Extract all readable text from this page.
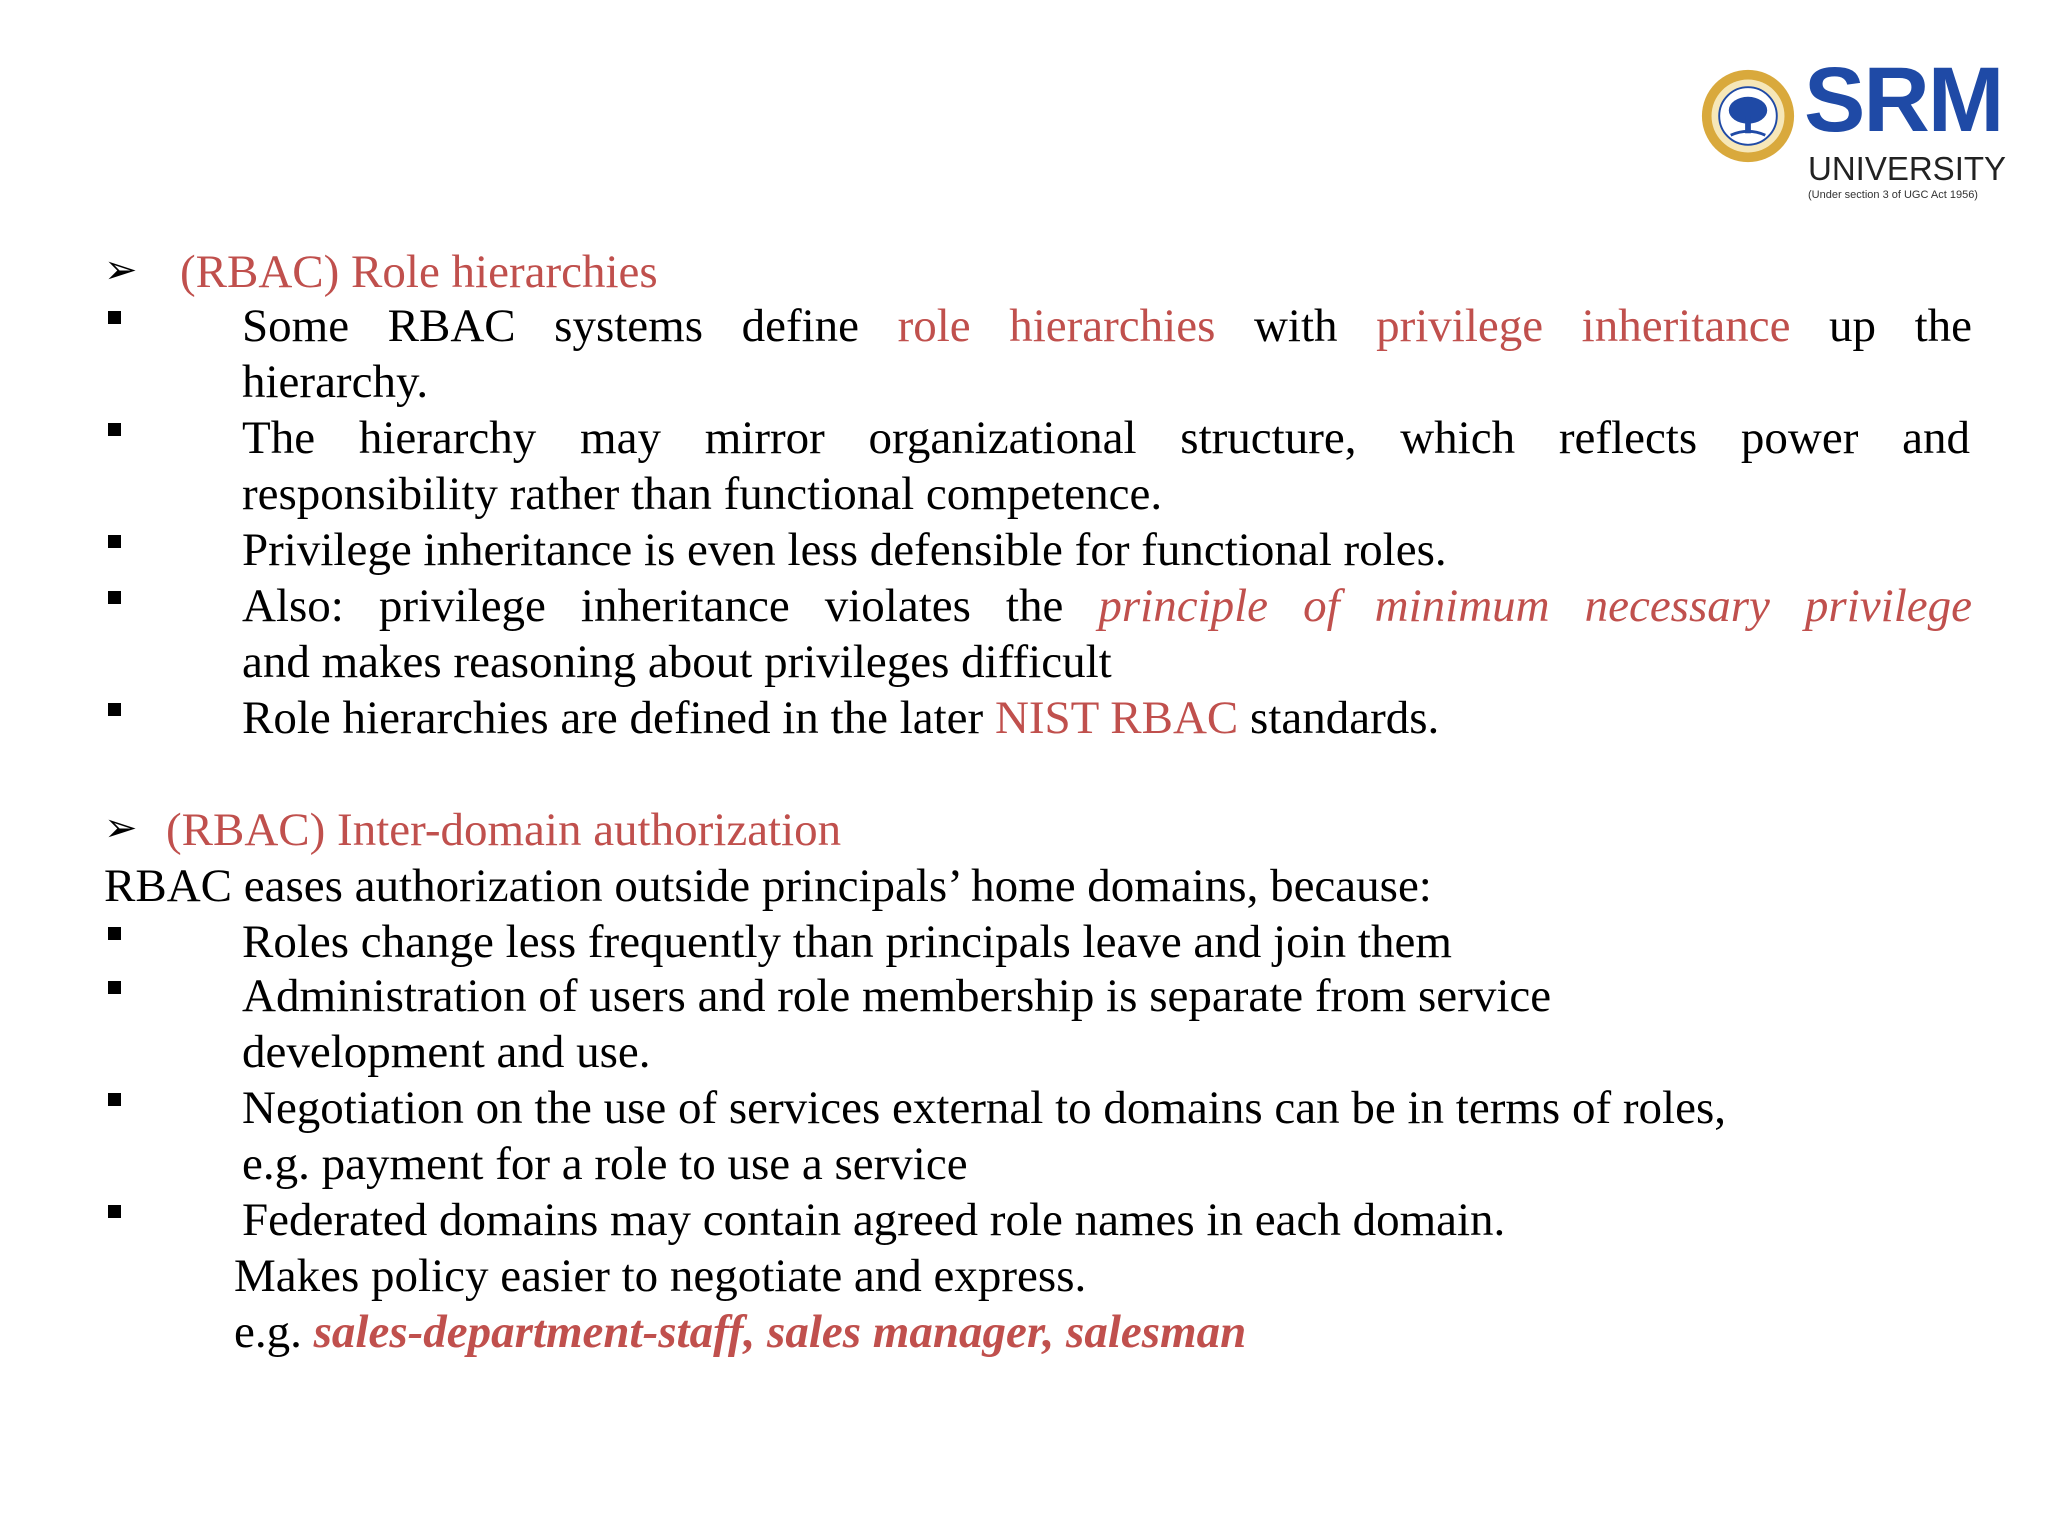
SRM
UNIVERSITY
(Under section 3 of UGC Act 1956)
➢ (RBAC) Role hierarchies
Some RBAC systems define role hierarchies with privilege inheritance up the
hierarchy.
The hierarchy may mirror organizational structure, which reflects power and
responsibility rather than functional competence.
Privilege inheritance is even less defensible for functional roles.
Also: privilege inheritance violates the principle of minimum necessary privilege
and makes reasoning about privileges difficult
Role hierarchies are defined in the later NIST RBAC standards.
➢ (RBAC) Inter-domain authorization
RBAC eases authorization outside principals’ home domains, because:
Roles change less frequently than principals leave and join them
Administration of users and role membership is separate from service
development and use.
Negotiation on the use of services external to domains can be in terms of roles,
e.g. payment for a role to use a service
Federated domains may contain agreed role names in each domain.
Makes policy easier to negotiate and express.
e.g. sales-department-staff, sales manager, salesman
